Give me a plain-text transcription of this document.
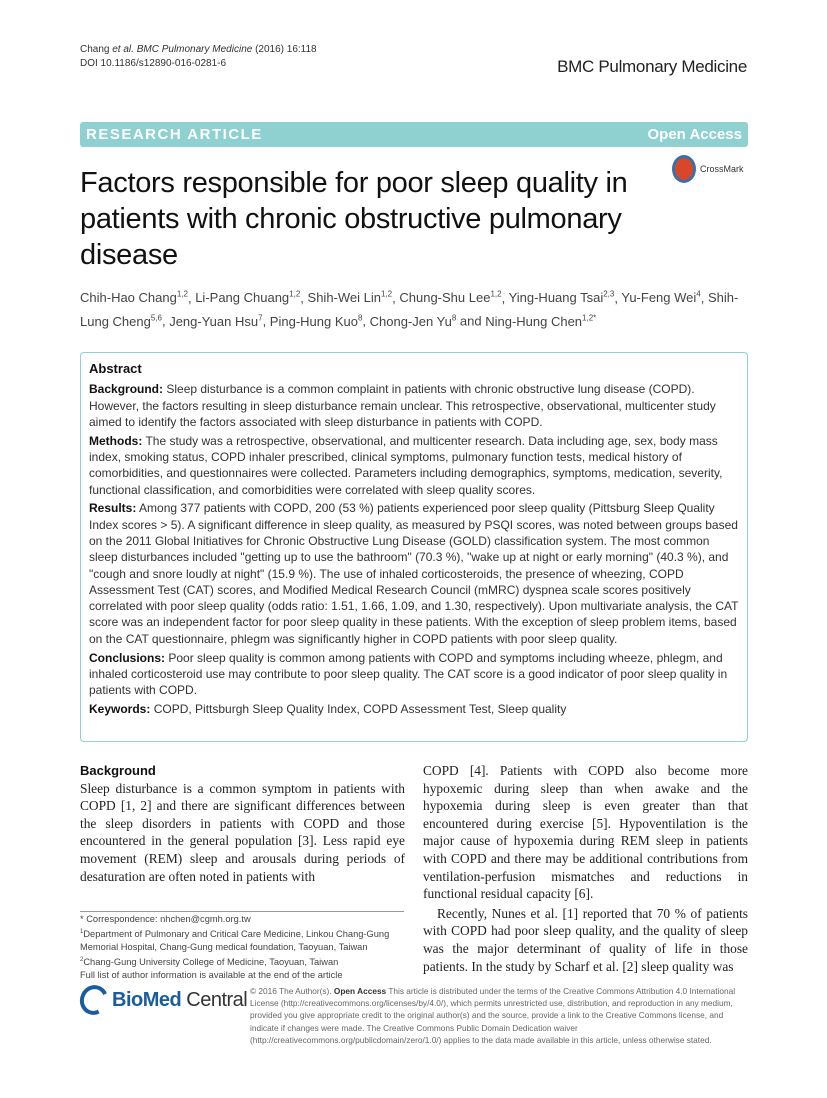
Chang et al. BMC Pulmonary Medicine (2016) 16:118
DOI 10.1186/s12890-016-0281-6	BMC Pulmonary Medicine
RESEARCH ARTICLE	Open Access
CrossMark
Factors responsible for poor sleep quality in patients with chronic obstructive pulmonary disease
Chih-Hao Chang$^{1,2}$, Li-Pang Chuang$^{1,2}$, Shih-Wei Lin$^{1,2}$, Chung-Shu Lee$^{1,2}$, Ying-Huang Tsai$^{2,3}$, Yu-Feng Wei$^4$, Shih-Lung Cheng$^{5,6}$, Jeng-Yuan Hsu$^7$, Ping-Hung Kuo$^8$, Chong-Jen Yu$^8$ and Ning-Hung Chen$^{1,2*}$
Abstract

Background: Sleep disturbance is a common complaint in patients with chronic obstructive lung disease (COPD). However, the factors resulting in sleep disturbance remain unclear. This retrospective, observational, multicenter study aimed to identify the factors associated with sleep disturbance in patients with COPD.

Methods: The study was a retrospective, observational, and multicenter research. Data including age, sex, body mass index, smoking status, COPD inhaler prescribed, clinical symptoms, pulmonary function tests, medical history of comorbidities, and questionnaires were collected. Parameters including demographics, symptoms, medication, severity, functional classification, and comorbidities were correlated with sleep quality scores.

Results: Among 377 patients with COPD, 200 (53 %) patients experienced poor sleep quality (Pittsburg Sleep Quality Index scores > 5). A significant difference in sleep quality, as measured by PSQI scores, was noted between groups based on the 2011 Global Initiatives for Chronic Obstructive Lung Disease (GOLD) classification system. The most common sleep disturbances included "getting up to use the bathroom" (70.3 %), "wake up at night or early morning" (40.3 %), and "cough and snore loudly at night" (15.9 %). The use of inhaled corticosteroids, the presence of wheezing, COPD Assessment Test (CAT) scores, and Modified Medical Research Council (mMRC) dyspnea scale scores positively correlated with poor sleep quality (odds ratio: 1.51, 1.66, 1.09, and 1.30, respectively). Upon multivariate analysis, the CAT score was an independent factor for poor sleep quality in these patients. With the exception of sleep problem items, based on the CAT questionnaire, phlegm was significantly higher in COPD patients with poor sleep quality.

Conclusions: Poor sleep quality is common among patients with COPD and symptoms including wheeze, phlegm, and inhaled corticosteroid use may contribute to poor sleep quality. The CAT score is a good indicator of poor sleep quality in patients with COPD.

Keywords: COPD, Pittsburgh Sleep Quality Index, COPD Assessment Test, Sleep quality

Background

Sleep disturbance is a common symptom in patients with COPD [1, 2] and there are significant differences between the sleep disorders in patients with COPD and those encountered in the general population [3]. Less rapid eye movement (REM) sleep and arousals during periods of desaturation are often noted in patients with

COPD [4]. Patients with COPD also become more hypoxemic during sleep than when awake and the hypoxemia during sleep is even greater than that encountered during exercise [5]. Hypoventilation is the major cause of hypoxemia during REM sleep in patients with COPD and there may be additional contributions from ventilation-perfusion mismatches and reductions in functional residual capacity [6].

Recently, Nunes et al. [1] reported that 70 % of patients with COPD had poor sleep quality, and the quality of sleep was the major determinant of quality of life in those patients. In the study by Scharf et al. [2] sleep quality was

* Correspondence: nhchen@cgmh.org.tw
$^1$Department of Pulmonary and Critical Care Medicine, Linkou Chang-Gung Memorial Hospital, Chang-Gung medical foundation, Taoyuan, Taiwan
$^2$Chang-Gung University College of Medicine, Taoyuan, Taiwan
Full list of author information is available at the end of the article
BioMed Central © 2016 The Author(s). Open Access This article is distributed under the terms of the Creative Commons Attribution 4.0 International License (http://creativecommons.org/licenses/by/4.0/), which permits unrestricted use, distribution, and reproduction in any medium, provided you give appropriate credit to the original author(s) and the source, provide a link to the Creative Commons license, and indicate if changes were made. The Creative Commons Public Domain Dedication waiver (http://creativecommons.org/publicdomain/zero/1.0/) applies to the data made available in this article, unless otherwise stated.
